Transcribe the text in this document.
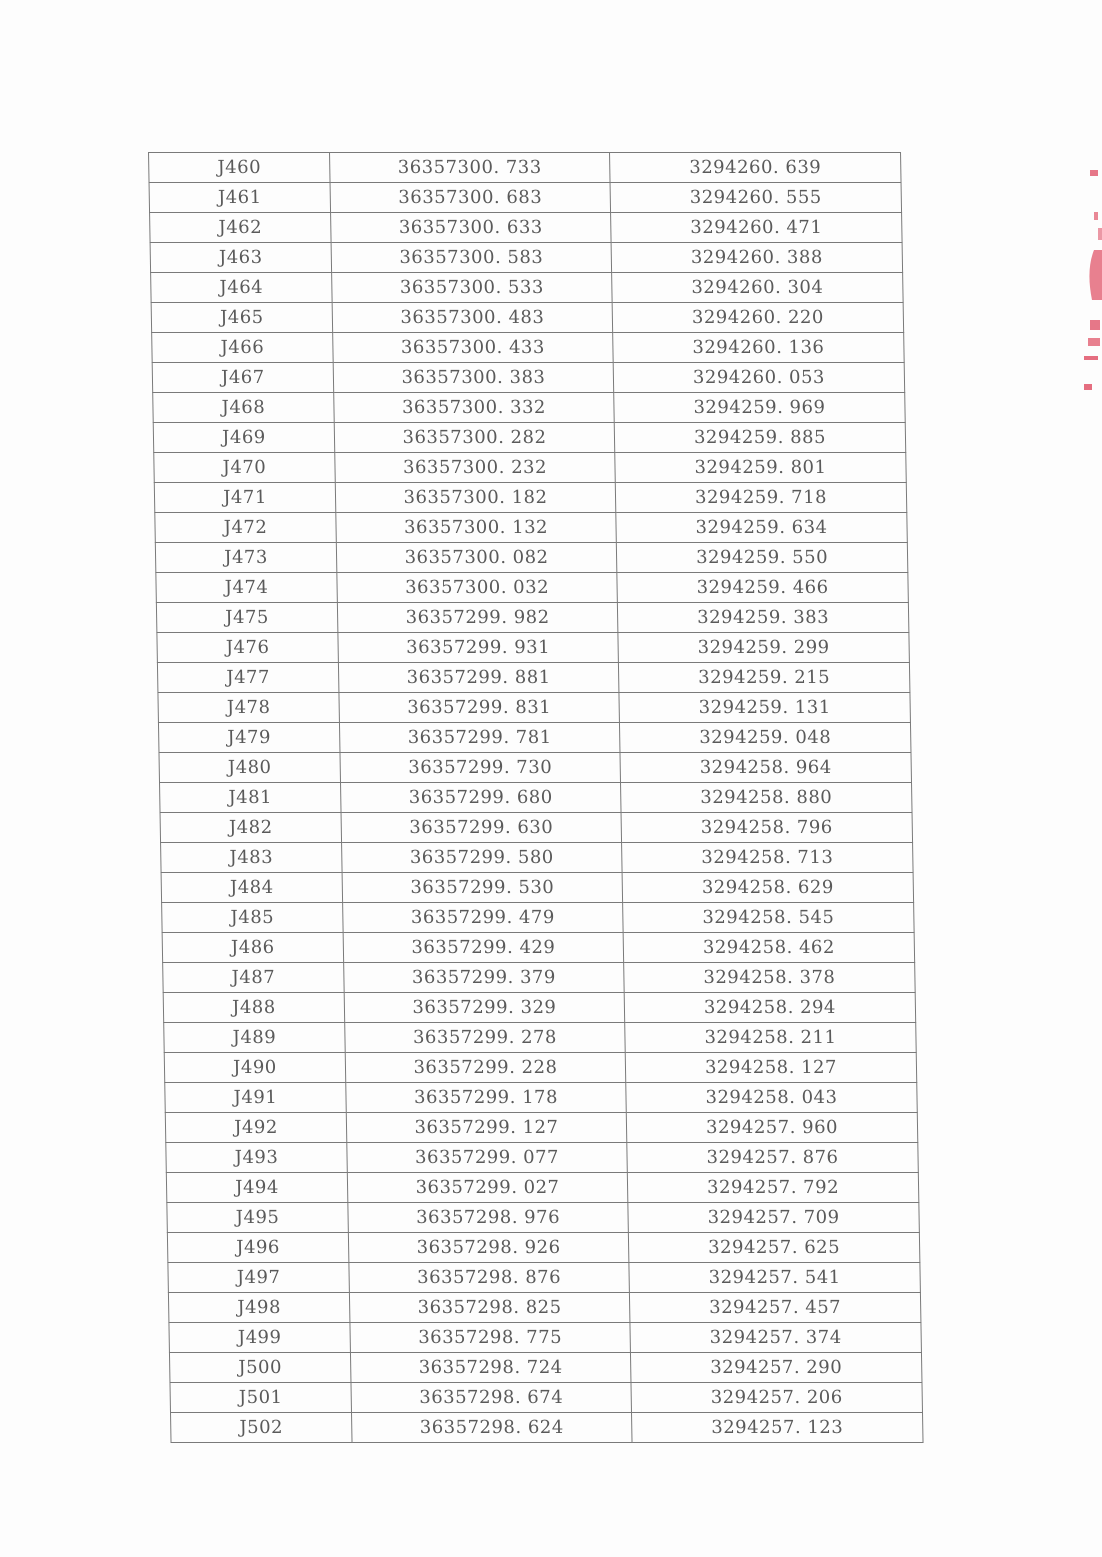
J460	36357300. 733	3294260. 639
J461	36357300. 683	3294260. 555
J462	36357300. 633	3294260. 471
J463	36357300. 583	3294260. 388
J464	36357300. 533	3294260. 304
J465	36357300. 483	3294260. 220
J466	36357300. 433	3294260. 136
J467	36357300. 383	3294260. 053
J468	36357300. 332	3294259. 969
J469	36357300. 282	3294259. 885
J470	36357300. 232	3294259. 801
J471	36357300. 182	3294259. 718
J472	36357300. 132	3294259. 634
J473	36357300. 082	3294259. 550
J474	36357300. 032	3294259. 466
J475	36357299. 982	3294259. 383
J476	36357299. 931	3294259. 299
J477	36357299. 881	3294259. 215
J478	36357299. 831	3294259. 131
J479	36357299. 781	3294259. 048
J480	36357299. 730	3294258. 964
J481	36357299. 680	3294258. 880
J482	36357299. 630	3294258. 796
J483	36357299. 580	3294258. 713
J484	36357299. 530	3294258. 629
J485	36357299. 479	3294258. 545
J486	36357299. 429	3294258. 462
J487	36357299. 379	3294258. 378
J488	36357299. 329	3294258. 294
J489	36357299. 278	3294258. 211
J490	36357299. 228	3294258. 127
J491	36357299. 178	3294258. 043
J492	36357299. 127	3294257. 960
J493	36357299. 077	3294257. 876
J494	36357299. 027	3294257. 792
J495	36357298. 976	3294257. 709
J496	36357298. 926	3294257. 625
J497	36357298. 876	3294257. 541
J498	36357298. 825	3294257. 457
J499	36357298. 775	3294257. 374
J500	36357298. 724	3294257. 290
J501	36357298. 674	3294257. 206
J502	36357298. 624	3294257. 123
